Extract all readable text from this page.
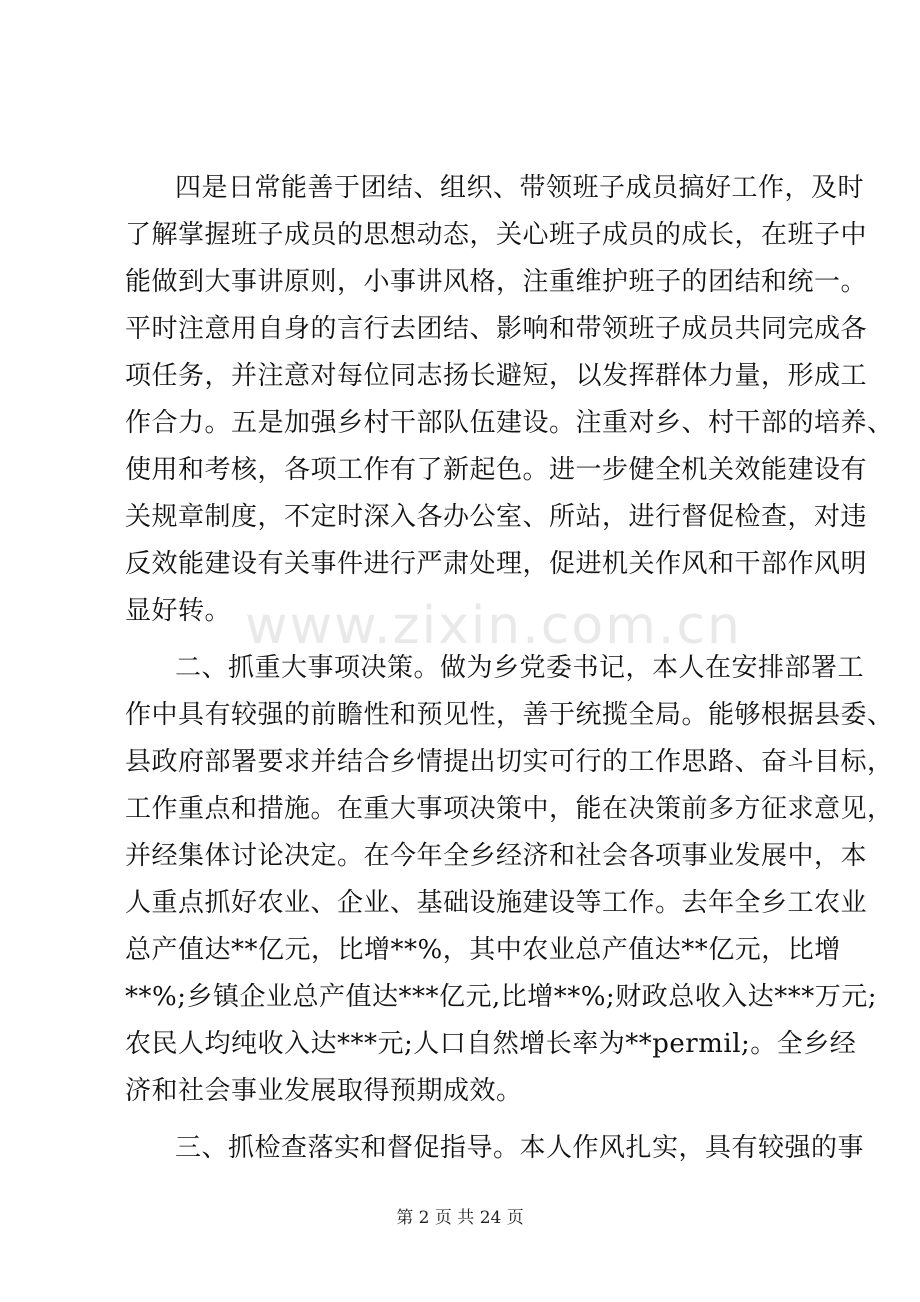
www.zixin.com.cn
四是日常能善于团结、组织、带领班子成员搞好工作，及时
了解掌握班子成员的思想动态，关心班子成员的成长，在班子中
能做到大事讲原则，小事讲风格，注重维护班子的团结和统一。
平时注意用自身的言行去团结、影响和带领班子成员共同完成各
项任务，并注意对每位同志扬长避短，以发挥群体力量，形成工
作合力。五是加强乡村干部队伍建设。注重对乡、村干部的培养、
使用和考核，各项工作有了新起色。进一步健全机关效能建设有
关规章制度，不定时深入各办公室、所站，进行督促检查，对违
反效能建设有关事件进行严肃处理，促进机关作风和干部作风明
显好转。
二、抓重大事项决策。做为乡党委书记，本人在安排部署工
作中具有较强的前瞻性和预见性，善于统揽全局。能够根据县委、
县政府部署要求并结合乡情提出切实可行的工作思路、奋斗目标，
工作重点和措施。在重大事项决策中，能在决策前多方征求意见，
并经集体讨论决定。在今年全乡经济和社会各项事业发展中，本
人重点抓好农业、企业、基础设施建设等工作。去年全乡工农业
总产值达**亿元，比增**%，其中农业总产值达**亿元，比增
**%;乡镇企业总产值达***亿元,比增**%;财政总收入达***万元;
农民人均纯收入达***元;人口自然增长率为**permil;。全乡经
济和社会事业发展取得预期成效。
三、抓检查落实和督促指导。本人作风扎实，具有较强的事
第 2 页 共 24 页
